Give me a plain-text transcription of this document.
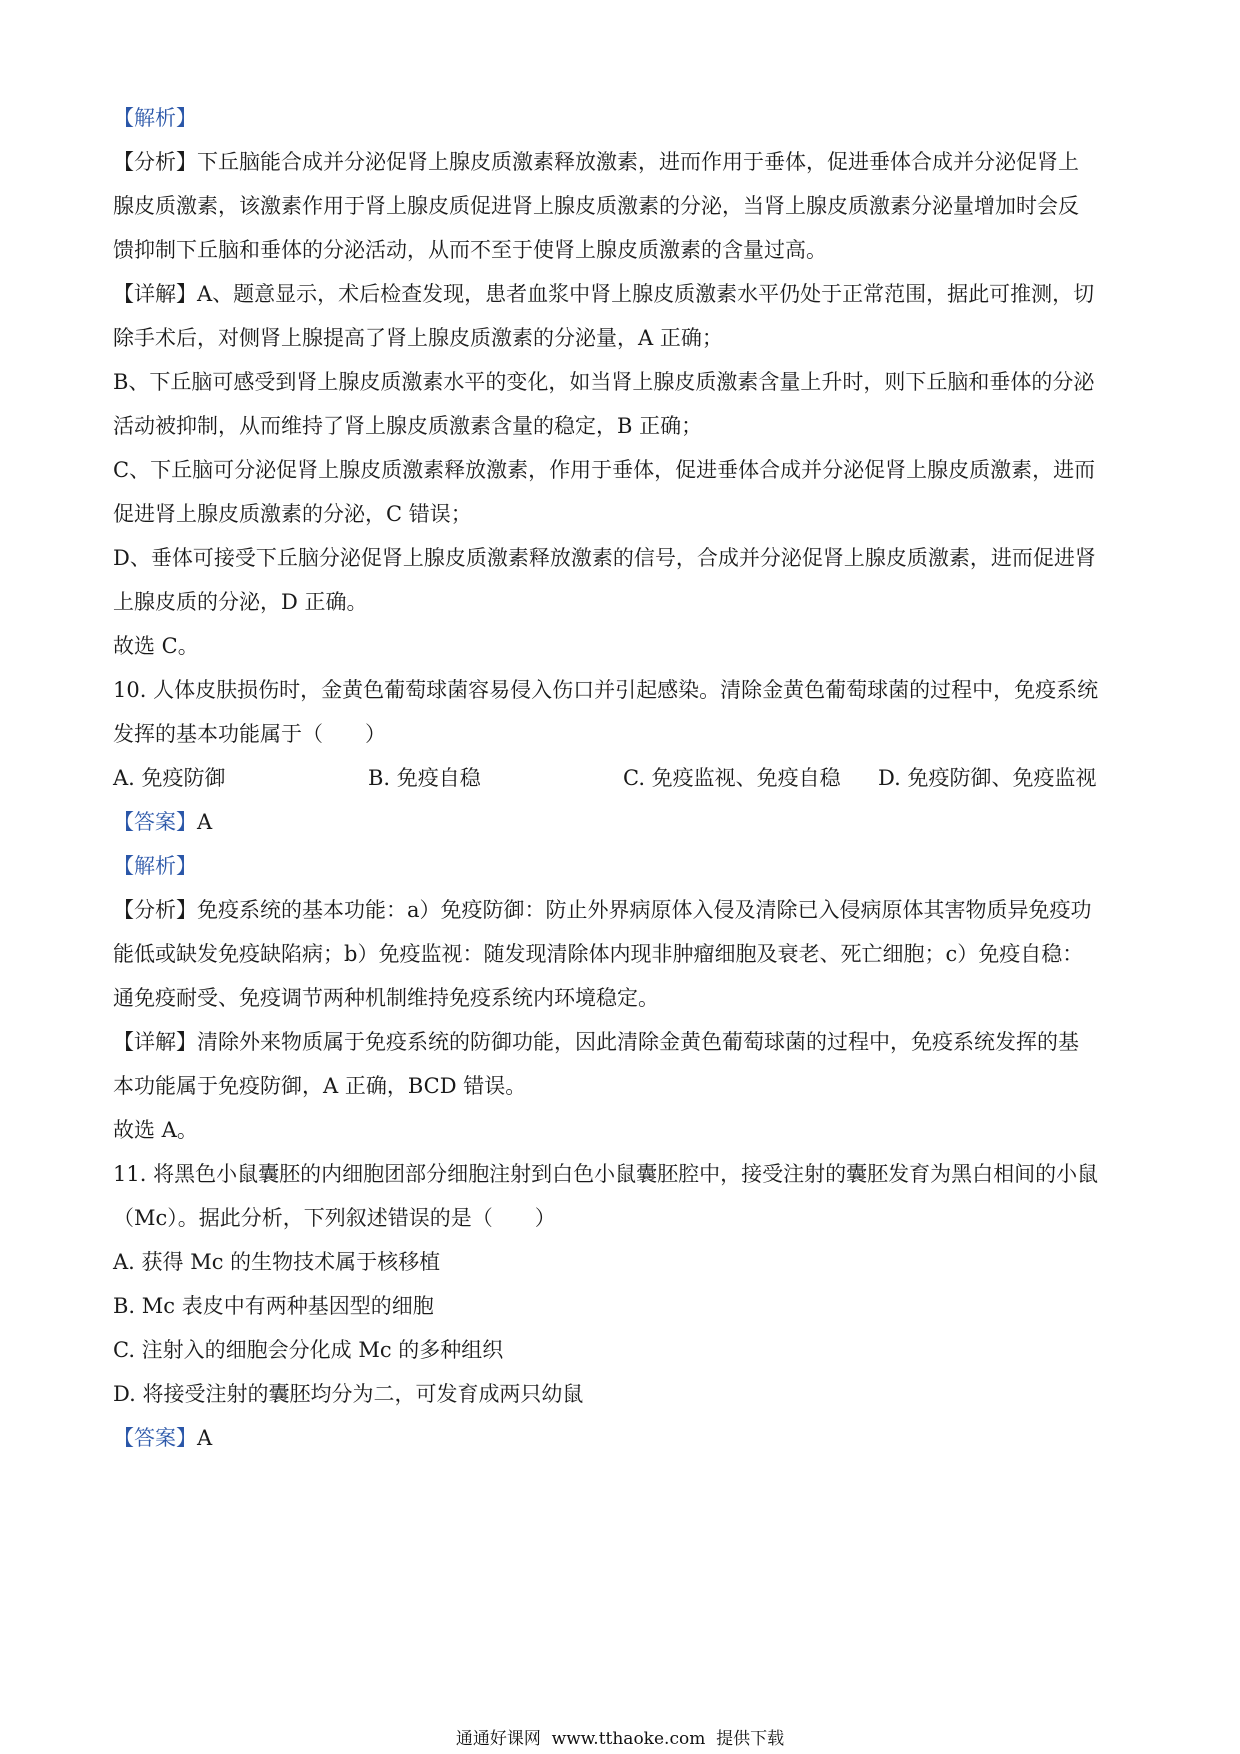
【解析】
【分析】下丘脑能合成并分泌促肾上腺皮质激素释放激素，进而作用于垂体，促进垂体合成并分泌促肾上
腺皮质激素，该激素作用于肾上腺皮质促进肾上腺皮质激素的分泌，当肾上腺皮质激素分泌量增加时会反
馈抑制下丘脑和垂体的分泌活动，从而不至于使肾上腺皮质激素的含量过高。
【详解】A、题意显示，术后检查发现，患者血浆中肾上腺皮质激素水平仍处于正常范围，据此可推测，切
除手术后，对侧肾上腺提高了肾上腺皮质激素的分泌量，A 正确；
B、下丘脑可感受到肾上腺皮质激素水平的变化，如当肾上腺皮质激素含量上升时，则下丘脑和垂体的分泌
活动被抑制，从而维持了肾上腺皮质激素含量的稳定，B 正确；
C、下丘脑可分泌促肾上腺皮质激素释放激素，作用于垂体，促进垂体合成并分泌促肾上腺皮质激素，进而
促进肾上腺皮质激素的分泌，C 错误；
D、垂体可接受下丘脑分泌促肾上腺皮质激素释放激素的信号，合成并分泌促肾上腺皮质激素，进而促进肾
上腺皮质的分泌，D 正确。
故选 C。
10. 人体皮肤损伤时，金黄色葡萄球菌容易侵入伤口并引起感染。清除金黄色葡萄球菌的过程中，免疫系统
发挥的基本功能属于（　　）
A. 免疫防御	B. 免疫自稳	C. 免疫监视、免疫自稳 D. 免疫防御、免疫监视
【答案】A
【解析】
【分析】免疫系统的基本功能：a）免疫防御：防止外界病原体入侵及清除已入侵病原体其害物质异免疫功
能低或缺发免疫缺陷病；b）免疫监视：随发现清除体内现非肿瘤细胞及衰老、死亡细胞；c）免疫自稳：
通免疫耐受、免疫调节两种机制维持免疫系统内环境稳定。
【详解】清除外来物质属于免疫系统的防御功能，因此清除金黄色葡萄球菌的过程中，免疫系统发挥的基
本功能属于免疫防御，A 正确，BCD 错误。
故选 A。
11. 将黑色小鼠囊胚的内细胞团部分细胞注射到白色小鼠囊胚腔中，接受注射的囊胚发育为黑白相间的小鼠
（Mc）。据此分析，下列叙述错误的是（　　）
A. 获得 Mc 的生物技术属于核移植
B. Mc 表皮中有两种基因型的细胞
C. 注射入的细胞会分化成 Mc 的多种组织
D. 将接受注射的囊胚均分为二，可发育成两只幼鼠
【答案】A
通通好课网 www.tthaoke.com 提供下载
